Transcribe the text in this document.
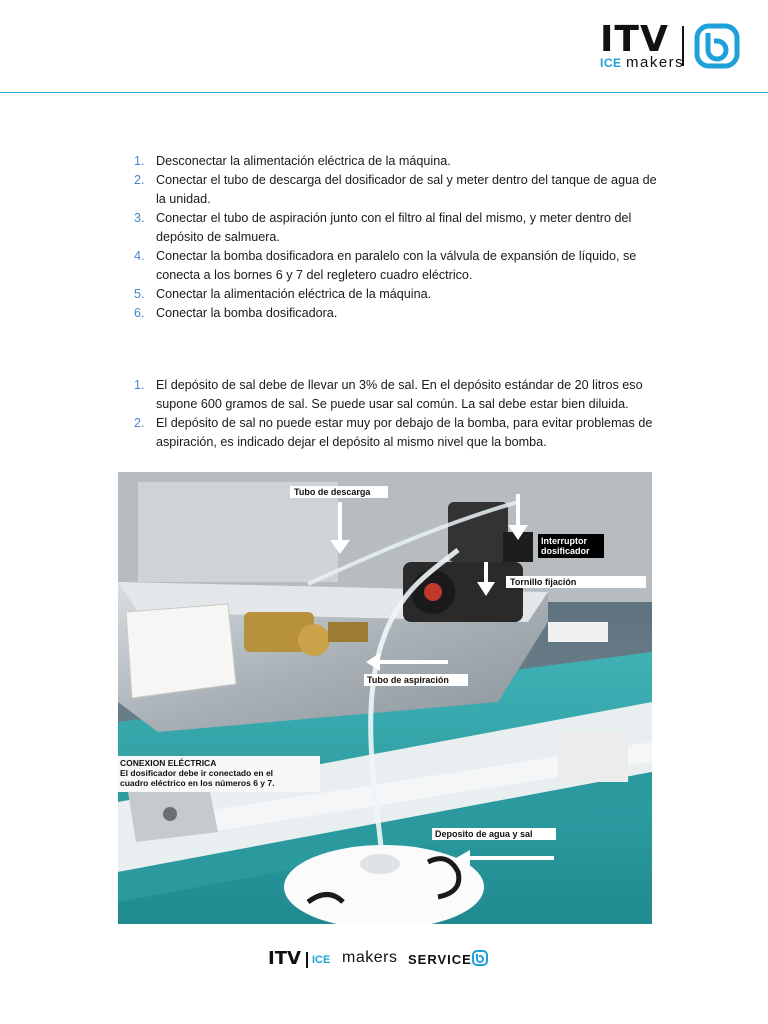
ITV
ICE makers
1. Desconectar la alimentación eléctrica de la máquina.
2. Conectar el tubo de descarga del dosificador de sal y meter dentro del tanque de agua de la unidad.
3. Conectar el tubo de aspiración junto con el filtro al final del mismo, y meter dentro del depósito de salmuera.
4. Conectar la bomba dosificadora en paralelo con la válvula de expansión de líquido, se conecta a los bornes 6 y 7 del regletero cuadro eléctrico.
5. Conectar la alimentación eléctrica de la máquina.
6. Conectar la bomba dosificadora.
1. El depósito de sal debe de llevar un 3% de sal. En el depósito estándar de 20 litros eso supone 600 gramos de sal. Se puede usar sal común. La sal debe estar bien diluida.
2. El depósito de sal no puede estar muy por debajo de la bomba, para evitar problemas de aspiración, es indicado dejar el depósito al mismo nivel que la bomba.
Tubo de descarga
Interruptor
dosificador
Tornillo fijación
Tubo de aspiración
CONEXION ELÉCTRICA
El dosificador debe ir conectado en el
cuadro eléctrico en los números 6 y 7.
Deposito de agua y sal
ITV ICE makers SERVICE
